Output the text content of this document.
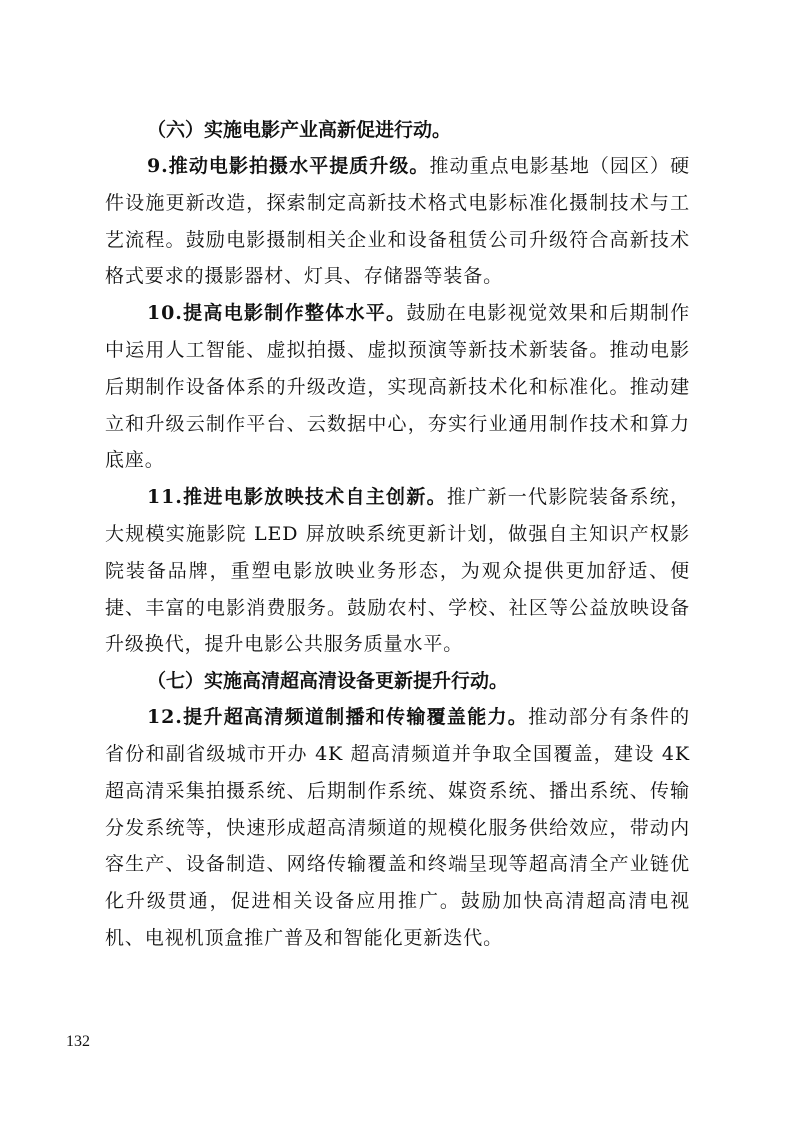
（六）实施电影产业高新促进行动。

9.推动电影拍摄水平提质升级。推动重点电影基地（园区）硬件设施更新改造，探索制定高新技术格式电影标准化摄制技术与工艺流程。鼓励电影摄制相关企业和设备租赁公司升级符合高新技术格式要求的摄影器材、灯具、存储器等装备。

10.提高电影制作整体水平。鼓励在电影视觉效果和后期制作中运用人工智能、虚拟拍摄、虚拟预演等新技术新装备。推动电影后期制作设备体系的升级改造，实现高新技术化和标准化。推动建立和升级云制作平台、云数据中心，夯实行业通用制作技术和算力底座。

11.推进电影放映技术自主创新。推广新一代影院装备系统，大规模实施影院 LED 屏放映系统更新计划，做强自主知识产权影院装备品牌，重塑电影放映业务形态，为观众提供更加舒适、便捷、丰富的电影消费服务。鼓励农村、学校、社区等公益放映设备升级换代，提升电影公共服务质量水平。

（七）实施高清超高清设备更新提升行动。

12.提升超高清频道制播和传输覆盖能力。推动部分有条件的省份和副省级城市开办 4K 超高清频道并争取全国覆盖，建设 4K 超高清采集拍摄系统、后期制作系统、媒资系统、播出系统、传输分发系统等，快速形成超高清频道的规模化服务供给效应，带动内容生产、设备制造、网络传输覆盖和终端呈现等超高清全产业链优化升级贯通，促进相关设备应用推广。鼓励加快高清超高清电视机、电视机顶盒推广普及和智能化更新迭代。

132
